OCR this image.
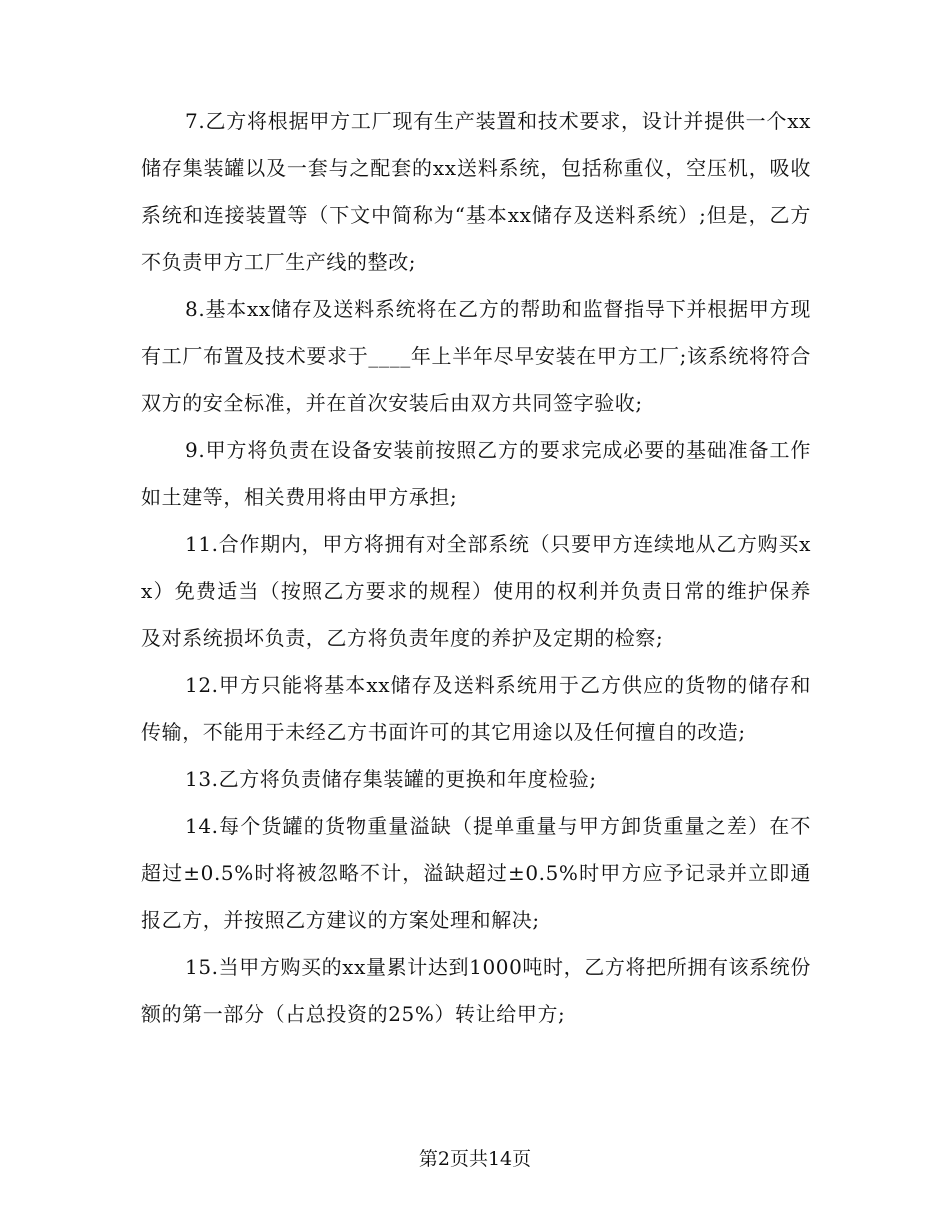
7.乙方将根据甲方工厂现有生产装置和技术要求，设计并提供一个xx储存集装罐以及一套与之配套的xx送料系统，包括称重仪，空压机，吸收系统和连接装置等（下文中简称为“基本xx储存及送料系统）;但是，乙方不负责甲方工厂生产线的整改;

8.基本xx储存及送料系统将在乙方的帮助和监督指导下并根据甲方现有工厂布置及技术要求于____年上半年尽早安装在甲方工厂;该系统将符合双方的安全标准，并在首次安装后由双方共同签字验收;

9.甲方将负责在设备安装前按照乙方的要求完成必要的基础准备工作如土建等，相关费用将由甲方承担;

11.合作期内，甲方将拥有对全部系统（只要甲方连续地从乙方购买xx）免费适当（按照乙方要求的规程）使用的权利并负责日常的维护保养及对系统损坏负责，乙方将负责年度的养护及定期的检察;

12.甲方只能将基本xx储存及送料系统用于乙方供应的货物的储存和传输，不能用于未经乙方书面许可的其它用途以及任何擅自的改造;

13.乙方将负责储存集装罐的更换和年度检验;

14.每个货罐的货物重量溢缺（提单重量与甲方卸货重量之差）在不超过±0.5%时将被忽略不计，溢缺超过±0.5%时甲方应予记录并立即通报乙方，并按照乙方建议的方案处理和解决;

15.当甲方购买的xx量累计达到1000吨时，乙方将把所拥有该系统份额的第一部分（占总投资的25%）转让给甲方;

第2页共14页
